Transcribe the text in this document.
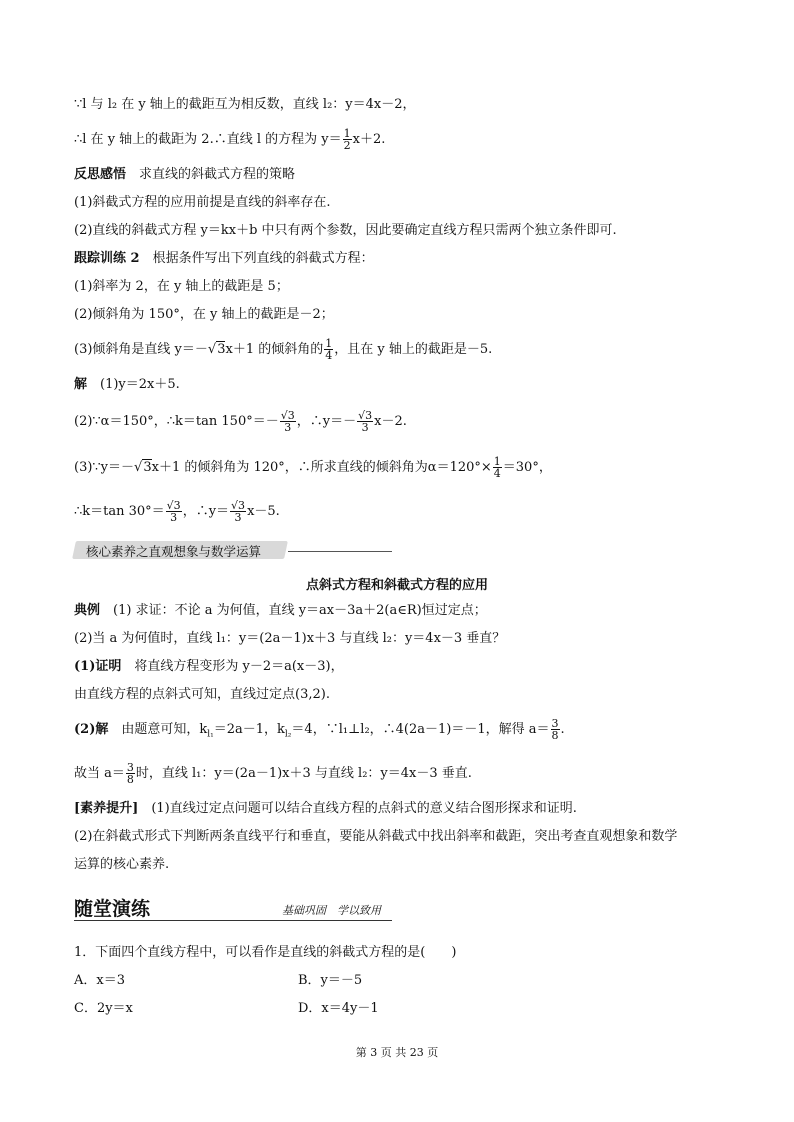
∵l 与 l₂ 在 y 轴上的截距互为相反数，直线 l₂：y＝4x－2，
∴l 在 y 轴上的截距为 2.∴直线 l 的方程为 $y= \frac{1}{2} x+2$.
反思感悟　求直线的斜截式方程的策略
(1)斜截式方程的应用前提是直线的斜率存在.
(2)直线的斜截式方程 y＝kx＋b 中只有两个参数，因此要确定直线方程只需两个独立条件即可.
跟踪训练 2　根据条件写出下列直线的斜截式方程：
(1)斜率为 2，在 y 轴上的截距是 5；
(2)倾斜角为 150°，在 y 轴上的截距是－2；
(3)倾斜角是直线 y＝－√3x＋1 的倾斜角的 $\frac{1}{4}$ ，且在 y 轴上的截距是－5.
解　(1)y＝2x＋5.
(2)∵α＝150°，∴k＝tan $150^\circ=- \frac{√3}{3}$ ，∴y＝－ $\frac{√3}{3} x-2$.
(3)∵y＝－√3x＋1 的倾斜角为 120°，∴所求直线的倾斜角为$\alpha=120^\circ\times \frac{1}{4} =30^\circ$，
∴k＝tan $30^\circ= \frac{√3}{3}$ ，∴y＝ $\frac{√3}{3} x-5$.
核心素养之直观想象与数学运算
点斜式方程和斜截式方程的应用
典例　(1) 求证：不论 a 为何值，直线 y＝ax－3a＋2(a∈R)恒过定点；
(2)当 a 为何值时，直线 l₁：y＝(2a－1)x＋3 与直线 l₂：y＝4x－3 垂直？
(1)证明　将直线方程变形为 y－2＝a(x－3)，
由直线方程的点斜式可知，直线过定点(3,2).
(2)解　由题意可知，$k_{l_1}=2a-1$，$k_{l_2}=4$，∵l₁⊥l₂，∴4(2a－1)＝－1，解得 $a= \frac{3}{8}$ .
故当 $a= \frac{3}{8}$ 时，直线 l₁：y＝(2a－1)x＋3 与直线 l₂：y＝4x－3 垂直.
[素养提升]　(1)直线过定点问题可以结合直线方程的点斜式的意义结合图形探求和证明.
(2)在斜截式形式下判断两条直线平行和垂直，要能从斜截式中找出斜率和截距，突出考查直观想象和数学
运算的核心素养.
随堂演练	基础巩固　学以致用
1．下面四个直线方程中，可以看作是直线的斜截式方程的是(　　)
A．x＝3	B．y＝－5
C．2y＝x	D．x＝4y－1
第 3 页 共 23 页
